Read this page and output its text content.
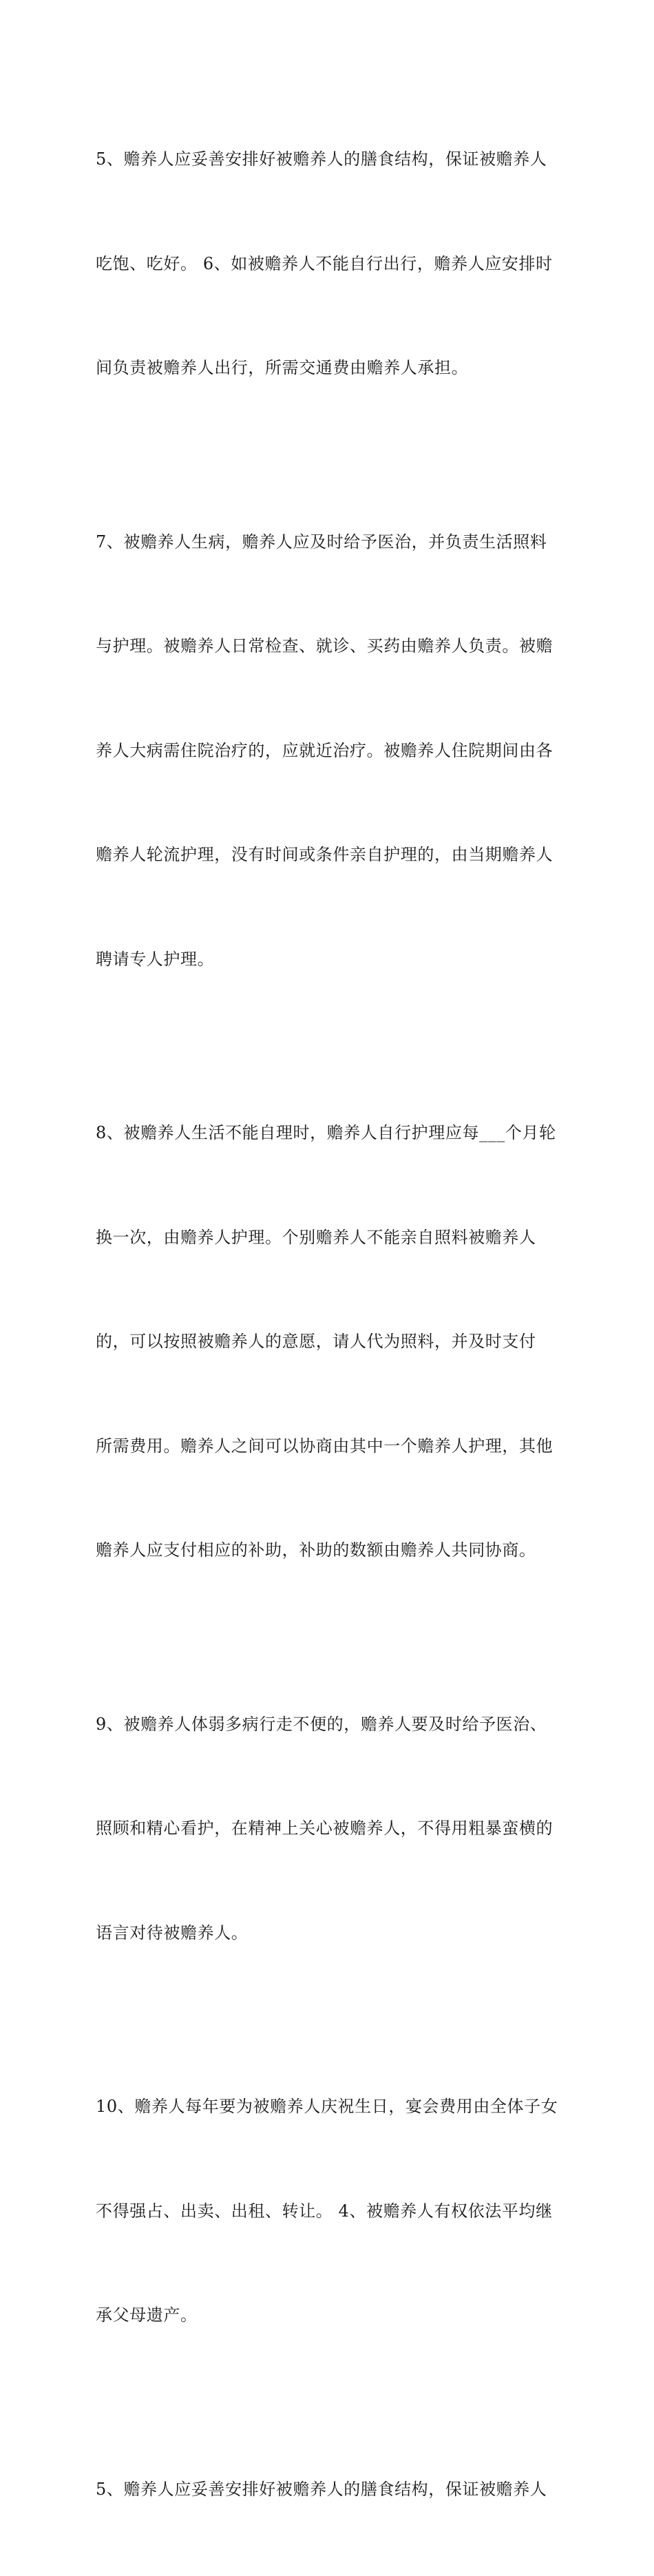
5、赡养人应妥善安排好被赡养人的膳食结构，保证被赡养人

吃饱、吃好。 6、如被赡养人不能自行出行，赡养人应安排时

间负责被赡养人出行，所需交通费由赡养人承担。

7、被赡养人生病，赡养人应及时给予医治，并负责生活照料

与护理。被赡养人日常检查、就诊、买药由赡养人负责。被赡

养人大病需住院治疗的，应就近治疗。被赡养人住院期间由各

赡养人轮流护理，没有时间或条件亲自护理的，由当期赡养人

聘请专人护理。

8、被赡养人生活不能自理时，赡养人自行护理应每___个月轮

换一次，由赡养人护理。个别赡养人不能亲自照料被赡养人

的，可以按照被赡养人的意愿，请人代为照料，并及时支付

所需费用。赡养人之间可以协商由其中一个赡养人护理，其他

赡养人应支付相应的补助，补助的数额由赡养人共同协商。

9、被赡养人体弱多病行走不便的，赡养人要及时给予医治、

照顾和精心看护，在精神上关心被赡养人，不得用粗暴蛮横的

语言对待被赡养人。

10、赡养人每年要为被赡养人庆祝生日，宴会费用由全体子女

不得强占、出卖、出租、转让。 4、被赡养人有权依法平均继

承父母遗产。

5、赡养人应妥善安排好被赡养人的膳食结构，保证被赡养人
